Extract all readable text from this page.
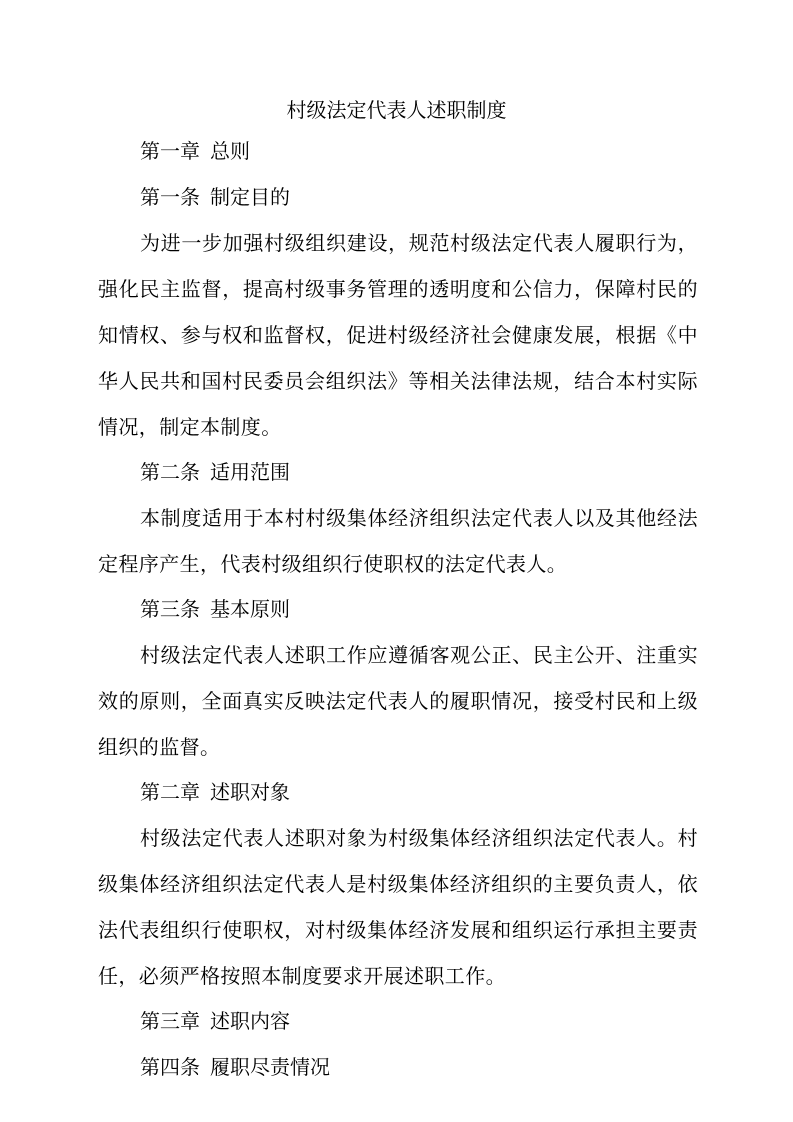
村级法定代表人述职制度
第一章 总则
第一条 制定目的

为进一步加强村级组织建设，规范村级法定代表人履职行为，强化民主监督，提高村级事务管理的透明度和公信力，保障村民的知情权、参与权和监督权，促进村级经济社会健康发展，根据《中华人民共和国村民委员会组织法》等相关法律法规，结合本村实际情况，制定本制度。

第二条 适用范围

本制度适用于本村村级集体经济组织法定代表人以及其他经法定程序产生，代表村级组织行使职权的法定代表人。

第三条 基本原则

村级法定代表人述职工作应遵循客观公正、民主公开、注重实效的原则，全面真实反映法定代表人的履职情况，接受村民和上级组织的监督。

第二章 述职对象

村级法定代表人述职对象为村级集体经济组织法定代表人。村级集体经济组织法定代表人是村级集体经济组织的主要负责人，依法代表组织行使职权，对村级集体经济发展和组织运行承担主要责任，必须严格按照本制度要求开展述职工作。

第三章 述职内容
第四条 履职尽责情况
